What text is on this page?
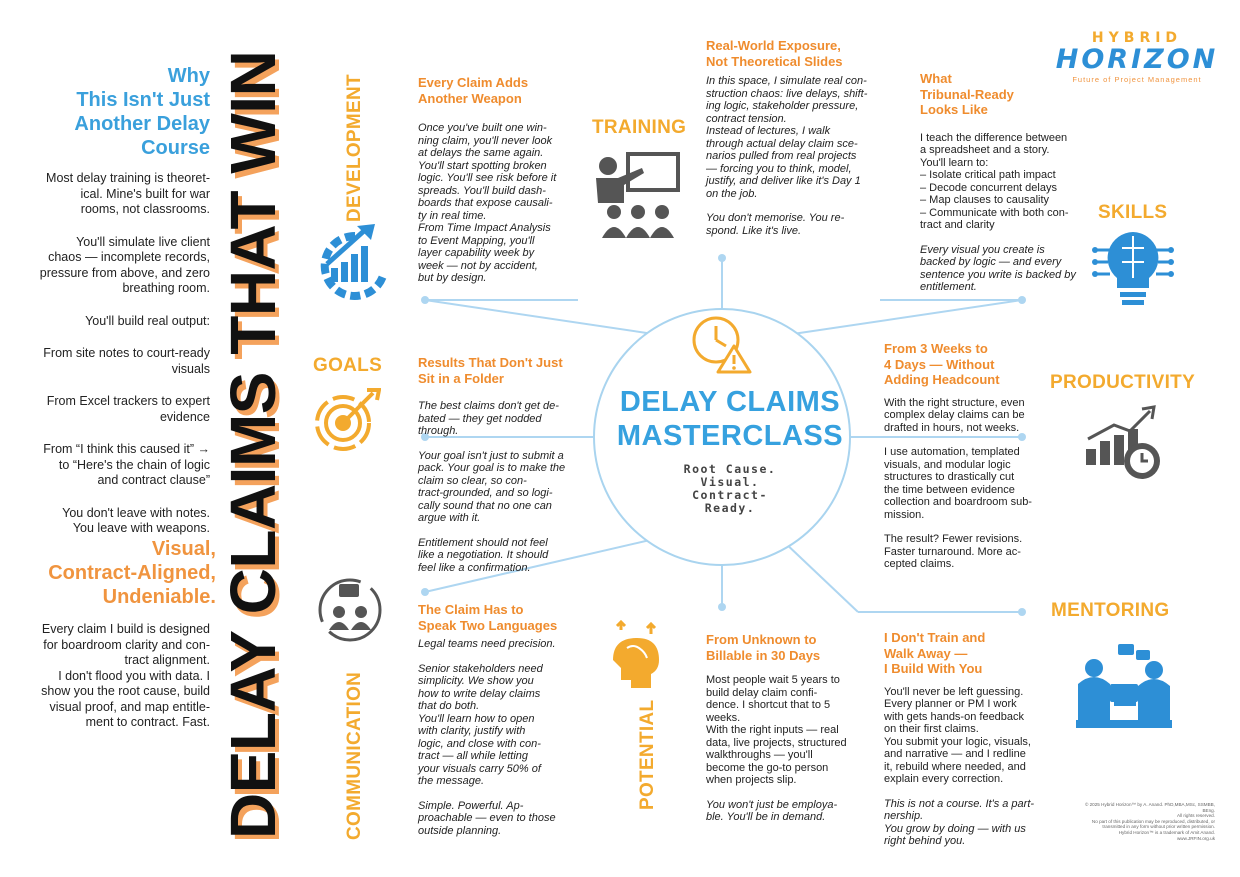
DELAY CLAIMS
MASTERCLASS
Root Cause.
Visual.
Contract-
Ready.
Why
This Isn't Just
Another Delay
Course
Most delay training is theoret-
ical. Mine's built for war
rooms, not classrooms.
You'll simulate live client
chaos — incomplete records,
pressure from above, and zero
breathing room.
You'll build real output:
From site notes to court-ready
visuals
From Excel trackers to expert
evidence
From “I think this caused it” →
to “Here's the chain of logic
and contract clause”
You don't leave with notes.
You leave with weapons.
Visual,
Contract-Aligned,
Undeniable.
Every claim I build is designed
for boardroom clarity and con-
tract alignment.
I don't flood you with data. I
show you the root cause, build
visual proof, and map entitle-
ment to contract. Fast. DELAY CLAIMS THAT WIN	DEVELOPMENT
COMMUNICATION	POTENTIAL
GOALS
TRAINING
SKILLS
PRODUCTIVITY
MENTORING
HYBRID
HORIZON
Future of Project Management
Every Claim Adds
Another Weapon

Once you've built one win-
ning claim, you'll never look
at delays the same again.
You'll start spotting broken
logic. You'll see risk before it
spreads. You'll build dash-
boards that expose causali-
ty in real time.
From Time Impact Analysis
to Event Mapping, you'll
layer capability week by
week — not by accident,
but by design.

Real-World Exposure,
Not Theoretical Slides

In this space, I simulate real con-
struction chaos: live delays, shift-
ing logic, stakeholder pressure,
contract tension.
Instead of lectures, I walk
through actual delay claim sce-
narios pulled from real projects
— forcing you to think, model,
justify, and deliver like it's Day 1
on the job.

You don't memorise. You re-
spond. Like it's live.

What
Tribunal-Ready
Looks Like

I teach the difference between
a spreadsheet and a story.
You'll learn to:
– Isolate critical path impact
– Decode concurrent delays
– Map clauses to causality
– Communicate with both con-
tract and clarity

Every visual you create is
backed by logic — and every
sentence you write is backed by
entitlement.

Results That Don't Just
Sit in a Folder

The best claims don't get de-
bated — they get nodded
through.

Your goal isn't just to submit a
pack. Your goal is to make the
claim so clear, so con-
tract-grounded, and so logi-
cally sound that no one can
argue with it.

Entitlement should not feel
like a negotiation. It should
feel like a confirmation.

From 3 Weeks to
4 Days — Without
Adding Headcount

With the right structure, even
complex delay claims can be
drafted in hours, not weeks.

I use automation, templated
visuals, and modular logic
structures to drastically cut
the time between evidence
collection and boardroom sub-
mission.

The result? Fewer revisions.
Faster turnaround. More ac-
cepted claims.

The Claim Has to
Speak Two Languages

Legal teams need precision.

Senior stakeholders need
simplicity. We show you
how to write delay claims
that do both.
You'll learn how to open
with clarity, justify with
logic, and close with con-
tract — all while letting
your visuals carry 50% of
the message.

Simple. Powerful. Ap-
proachable — even to those
outside planning.

From Unknown to
Billable in 30 Days

Most people wait 5 years to
build delay claim confi-
dence. I shortcut that to 5
weeks.
With the right inputs — real
data, live projects, structured
walkthroughs — you'll
become the go-to person
when projects slip.

You won't just be employa-
ble. You'll be in demand.

I Don't Train and
Walk Away —
I Build With You

You'll never be left guessing.
Every planner or PM I work
with gets hands-on feedback
on their first claims.
You submit your logic, visuals,
and narrative — and I redline
it, rebuild where needed, and
explain every correction.

This is not a course. It's a part-
nership.
You grow by doing — with us
right behind you.

© 2025 Hybrid Horizon™ by A. Anand. PhD,MBA,MSc, SSMBB,
BEng.
All rights reserved.
No part of this publication may be reproduced, distributed, or
transmitted in any form without prior written permission.
Hybrid Horizon™ is a trademark of Amit Anand.
www.JRFIN.org.uk
